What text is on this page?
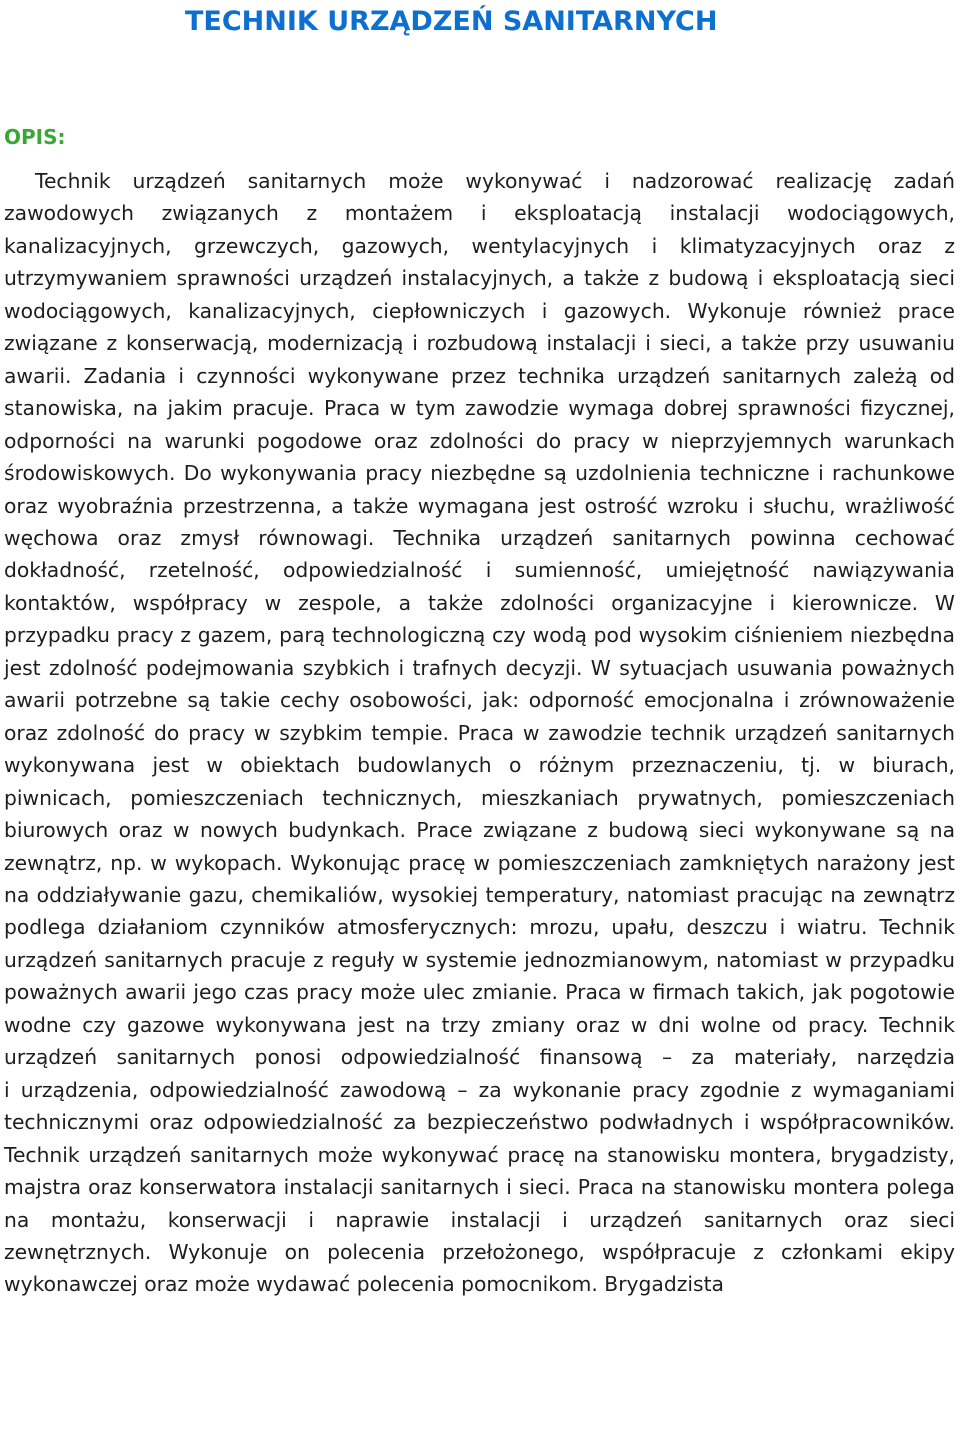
TECHNIK URZĄDZEŃ SANITARNYCH
OPIS:

Technik urządzeń sanitarnych może wykonywać i nadzorować realizację zadań zawodowych związanych z montażem i eksploatacją instalacji wodociągowych, kanalizacyjnych, grzewczych, gazowych, wentylacyjnych i klimatyzacyjnych oraz z utrzymywaniem sprawności urządzeń instalacyjnych, a także z budową i eksploatacją sieci wodociągowych, kanalizacyjnych, ciepłowniczych i gazowych. Wykonuje również prace związane z konserwacją, modernizacją i rozbudową instalacji i sieci, a także przy usuwaniu awarii. Zadania i czynności wykonywane przez technika urządzeń sanitarnych zależą od stanowiska, na jakim pracuje. Praca w tym zawodzie wymaga dobrej sprawności fizycznej, odporności na warunki pogodowe oraz zdolności do pracy w nieprzyjemnych warunkach środowiskowych. Do wykonywania pracy niezbędne są uzdolnienia techniczne i rachunkowe oraz wyobraźnia przestrzenna, a także wymagana jest ostrość wzroku i słuchu, wrażliwość węchowa oraz zmysł równowagi. Technika urządzeń sanitarnych powinna cechować dokładność, rzetelność, odpowiedzialność i sumienność, umiejętność nawiązywania kontaktów, współpracy w zespole, a także zdolności organizacyjne i kierownicze. W przypadku pracy z gazem, parą technologiczną czy wodą pod wysokim ciśnieniem niezbędna jest zdolność podejmowania szybkich i trafnych decyzji. W sytuacjach usuwania poważnych awarii potrzebne są takie cechy osobowości, jak: odporność emocjonalna i zrównoważenie oraz zdolność do pracy w szybkim tempie. Praca w zawodzie technik urządzeń sanitarnych wykonywana jest w obiektach budowlanych o różnym przeznaczeniu, tj. w biurach, piwnicach, pomieszczeniach technicznych, mieszkaniach prywatnych, pomieszczeniach biurowych oraz w nowych budynkach. Prace związane z budową sieci wykonywane są na zewnątrz, np. w wykopach. Wykonując pracę w pomieszczeniach zamkniętych narażony jest na oddziaływanie gazu, chemikaliów, wysokiej temperatury, natomiast pracując na zewnątrz podlega działaniom czynników atmosferycznych: mrozu, upału, deszczu i wiatru. Technik urządzeń sanitarnych pracuje z reguły w systemie jednozmianowym, natomiast w przypadku poważnych awarii jego czas pracy może ulec zmianie. Praca w firmach takich, jak pogotowie wodne czy gazowe wykonywana jest na trzy zmiany oraz w dni wolne od pracy. Technik urządzeń sanitarnych ponosi odpowiedzialność finansową – za materiały, narzędzia i urządzenia, odpowiedzialność zawodową – za wykonanie pracy zgodnie z wymaganiami technicznymi oraz odpowiedzialność za bezpieczeństwo podwładnych i współpracowników. Technik urządzeń sanitarnych może wykonywać pracę na stanowisku montera, brygadzisty, majstra oraz konserwatora instalacji sanitarnych i sieci. Praca na stanowisku montera polega na montażu, konserwacji i naprawie instalacji i urządzeń sanitarnych oraz sieci zewnętrznych. Wykonuje on polecenia przełożonego, współpracuje z członkami ekipy wykonawczej oraz może wydawać polecenia pomocnikom. Brygadzista
